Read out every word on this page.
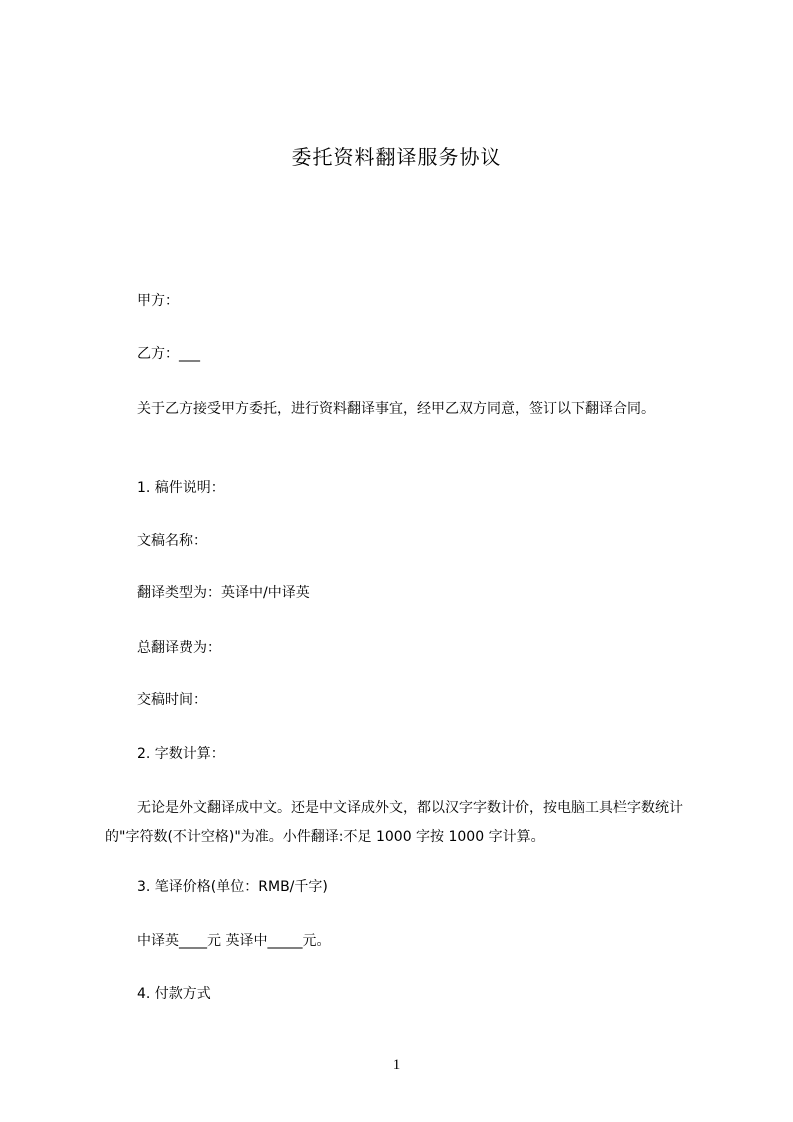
委托资料翻译服务协议

甲方：

乙方：___

关于乙方接受甲方委托，进行资料翻译事宜，经甲乙双方同意，签订以下翻译合同。

1. 稿件说明：

文稿名称：

翻译类型为：英译中/中译英

总翻译费为：

交稿时间：

2. 字数计算：

无论是外文翻译成中文。还是中文译成外文，都以汉字字数计价，按电脑工具栏字数统计的"字符数(不计空格)"为准。小件翻译:不足 1000 字按 1000 字计算。

3. 笔译价格(单位：RMB/千字)

中译英____元 英译中_____元。

4. 付款方式

1
